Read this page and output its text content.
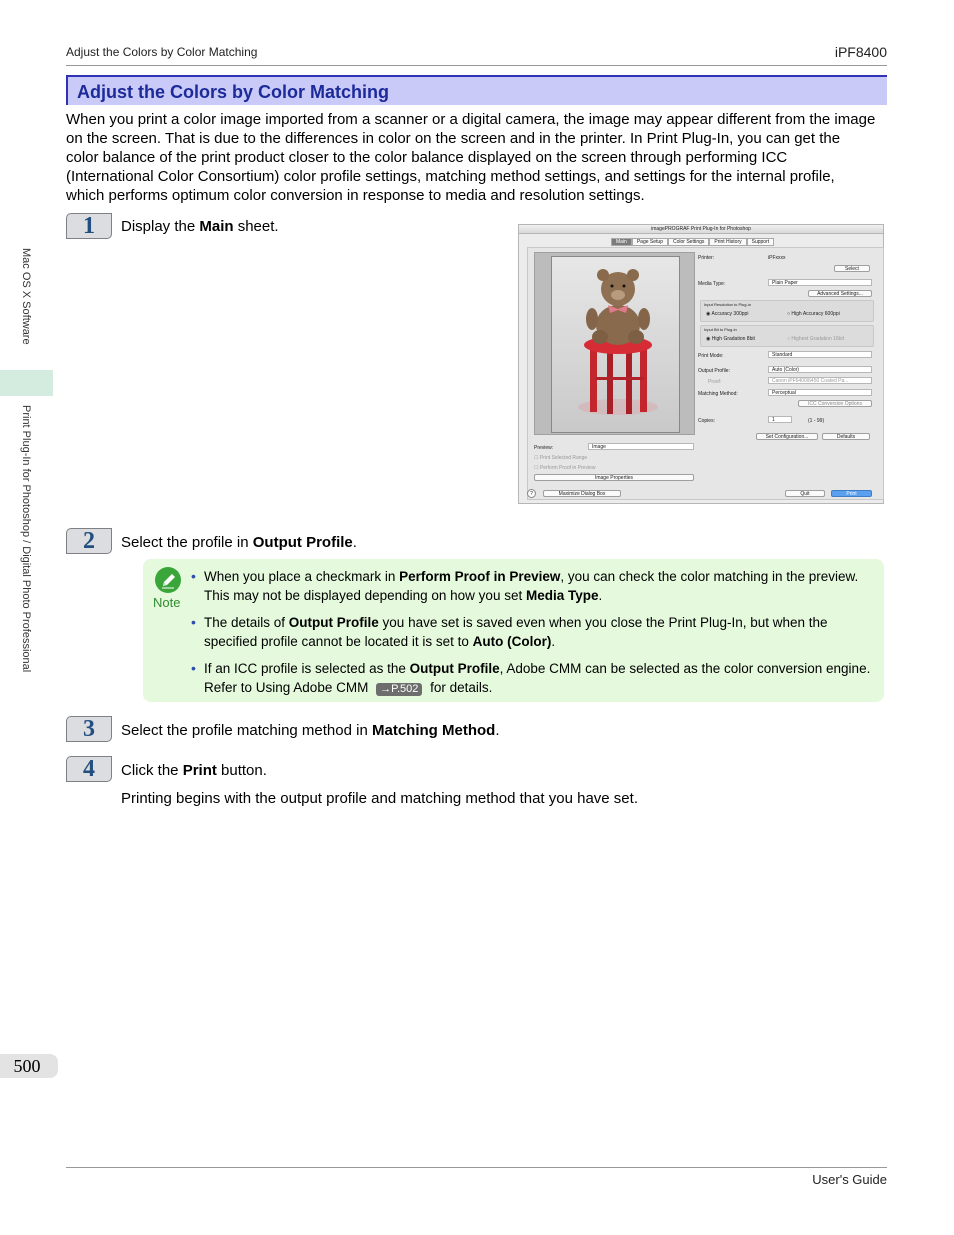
Adjust the Colors by Color Matching	iPF8400
Mac OS X Software
Print Plug-In for Photoshop / Digital Photo Professional
500
Adjust the Colors by Color Matching

When you print a color image imported from a scanner or a digital camera, the image may appear different from the image on the screen. That is due to the differences in color on the screen and in the printer. In Print Plug-In, you can get the color balance of the print product closer to the color balance displayed on the screen through performing ICC (International Color Consortium) color profile settings, matching method settings, and settings for the internal profile, which performs optimum color conversion in response to media and resolution settings.

1	Display the Main sheet.	imagePROGRAF Print Plug-In for Photoshop
Main	Page Setup	Color Settings	Print History	Support
Printer:	iPFxxxx
Select
Media Type:	Plain Paper
Advanced Settings...
Input Resolution to Plug-in
◉ Accuracy 300ppi	○ High Accuracy 600ppi
Input Bit to Plug-in
◉ High Gradation 8bit	○ Highest Gradation 16bit
Print Mode:	Standard
Output Profile:	Auto (Color)
Proof:	Canon iPF6400/6450 Coated Pa...
Matching Method:	Perceptual
ICC Conversion Options
Copies:	1	(1 - 99)
Set Configuration...	Defaults
Preview:	Image
☐ Print Selected Range
☐ Perform Proof in Preview
Image Properties
?	Maximize Dialog Box	Quit	Print
2	Select the profile in Output Profile.
Note
• When you place a checkmark in Perform Proof in Preview, you can check the color matching in the preview. This may not be displayed depending on how you set Media Type.
• The details of Output Profile you have set is saved even when you close the Print Plug-In, but when the specified profile cannot be located it is set to Auto (Color).
• If an ICC profile is selected as the Output Profile, Adobe CMM can be selected as the color conversion engine. Refer to Using Adobe CMM →P.502 for details.
3	Select the profile matching method in Matching Method.
4	Click the Print button.
Printing begins with the output profile and matching method that you have set.
User's Guide
